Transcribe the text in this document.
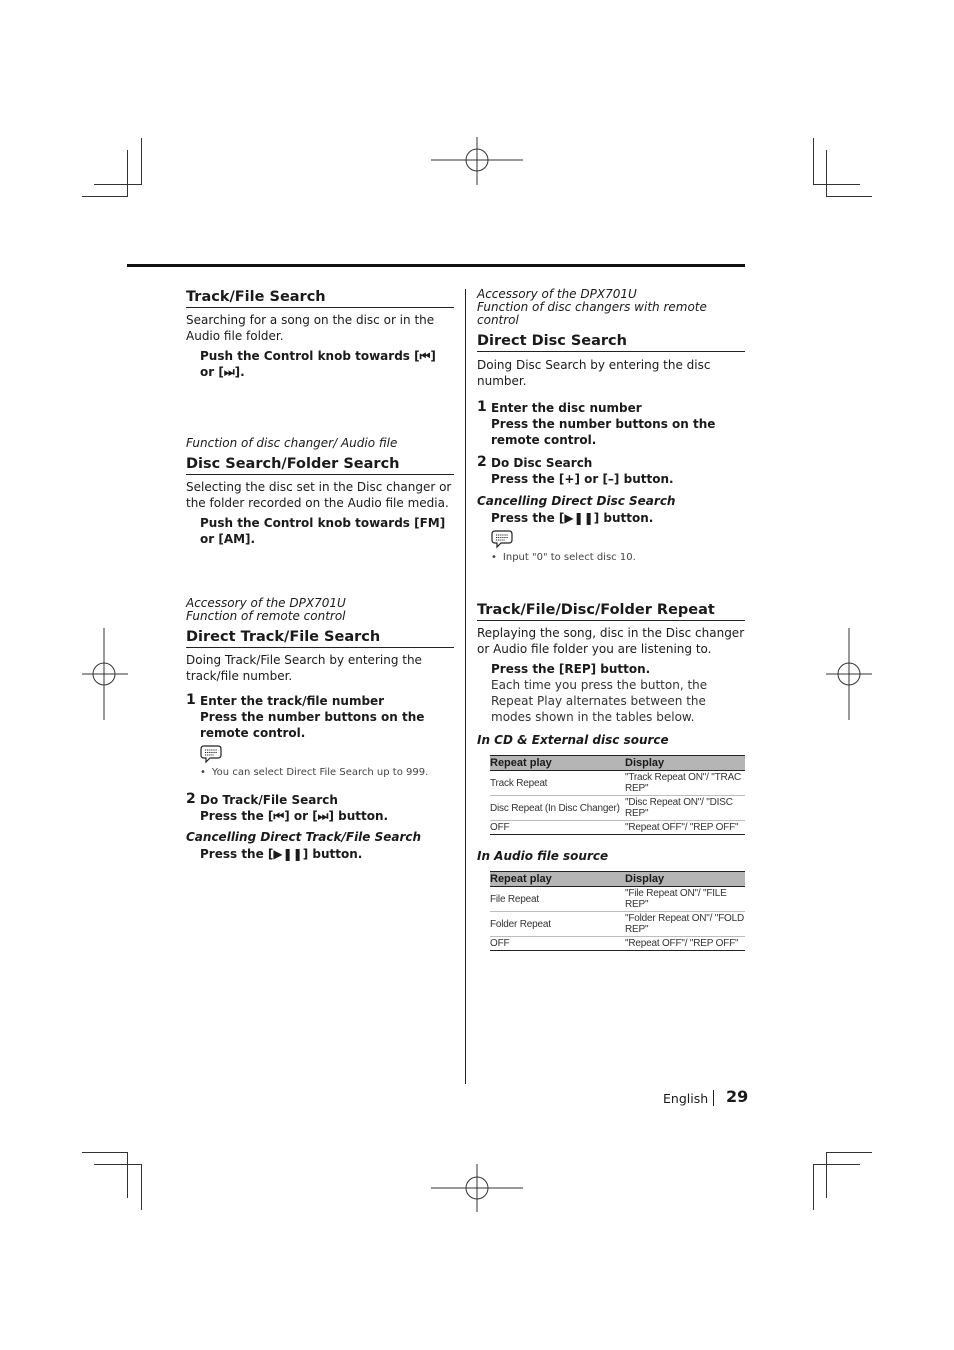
Track/File Search

Searching for a song on the disc or in the Audio file folder.

Push the Control knob towards [⏮] or [⏭].

Function of disc changer/ Audio file

Disc Search/Folder Search

Selecting the disc set in the Disc changer or the folder recorded on the Audio file media.

Push the Control knob towards [FM] or [AM].

Accessory of the DPX701U

Function of remote control

Direct Track/File Search

Doing Track/File Search by entering the track/file number.

1 Enter the track/file number
Press the number buttons on the remote control.
• You can select Direct File Search up to 999.
2 Do Track/File Search
Press the [⏮] or [⏭] button.

Cancelling Direct Track/File Search

Press the [▶❚❚] button.

Accessory of the DPX701U

Function of disc changers with remote control

Direct Disc Search

Doing Disc Search by entering the disc number.

1 Enter the disc number
Press the number buttons on the remote control.
2 Do Disc Search
Press the [+] or [–] button.

Cancelling Direct Disc Search

Press the [▶❚❚] button.

• Input "0" to select disc 10.
Track/File/Disc/Folder Repeat

Replaying the song, disc in the Disc changer or Audio file folder you are listening to.

Press the [REP] button.

Each time you press the button, the Repeat Play alternates between the modes shown in the tables below.

In CD & External disc source

Repeat play	Display
Track Repeat	"Track Repeat ON"/ "TRAC REP"
Disc Repeat (In Disc Changer)	"Disc Repeat ON"/ "DISC REP"
OFF	"Repeat OFF"/ "REP OFF"

In Audio file source

Repeat play	Display
File Repeat	"File Repeat ON"/ "FILE REP"
Folder Repeat	"Folder Repeat ON"/ "FOLD REP"
OFF	"Repeat OFF"/ "REP OFF"
English 29
